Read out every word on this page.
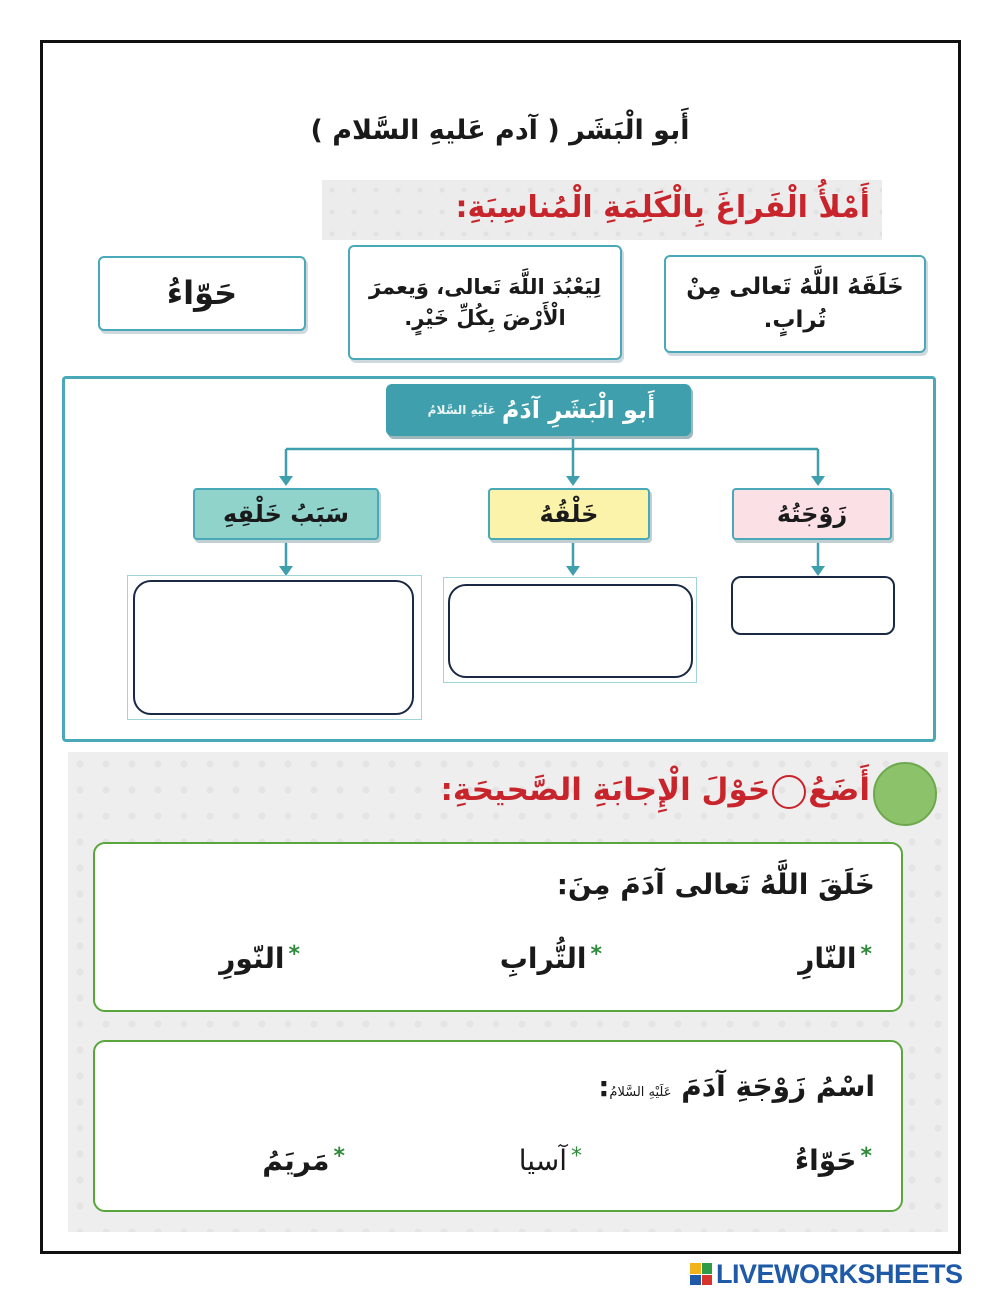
أَبو الْبَشَر ( آدم عَليهِ السَّلام )
أَمْلأُ الْفَراغَ بِالْكَلِمَةِ الْمُناسِبَةِ:
حَوّاءُ	لِيَعْبُدَ اللَّهَ تَعالى، وَيعمرَ الْأَرْضَ بِكُلِّ خَيْرٍ.
خَلَقَهُ اللَّهُ تَعالى مِنْ تُرابٍ.
أَبو الْبَشَرِ آدَمُ
عَلَيْهِ السَّلامُ
سَبَبُ خَلْقِهِ	خَلْقُهُ	زَوْجَتُهُ
أَضَعُحَوْلَ الْإِجابَةِ الصَّحيحَةِ:
خَلَقَ اللَّهُ تَعالى آدَمَ مِنَ:
*النّارِ
*التُّرابِ
*النّورِ
اسْمُ زَوْجَةِ آدَمَ عَلَيْهِ السَّلامُ:
*حَوّاءُ
*آسيا
*مَريَمُ
LIVEWORKSHEETS
